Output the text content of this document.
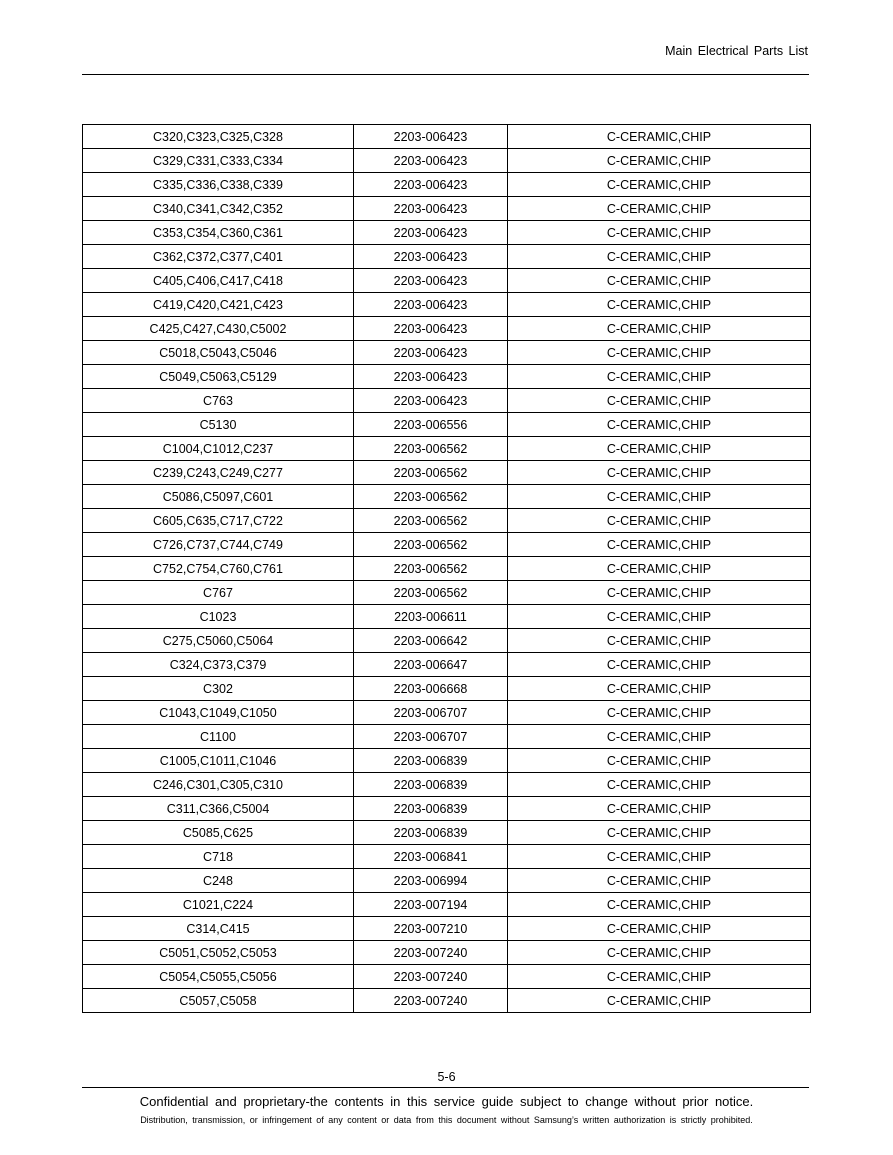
Main Electrical Parts List
C320,C323,C325,C328	2203-006423	C-CERAMIC,CHIP
C329,C331,C333,C334	2203-006423	C-CERAMIC,CHIP
C335,C336,C338,C339	2203-006423	C-CERAMIC,CHIP
C340,C341,C342,C352	2203-006423	C-CERAMIC,CHIP
C353,C354,C360,C361	2203-006423	C-CERAMIC,CHIP
C362,C372,C377,C401	2203-006423	C-CERAMIC,CHIP
C405,C406,C417,C418	2203-006423	C-CERAMIC,CHIP
C419,C420,C421,C423	2203-006423	C-CERAMIC,CHIP
C425,C427,C430,C5002	2203-006423	C-CERAMIC,CHIP
C5018,C5043,C5046	2203-006423	C-CERAMIC,CHIP
C5049,C5063,C5129	2203-006423	C-CERAMIC,CHIP
C763	2203-006423	C-CERAMIC,CHIP
C5130	2203-006556	C-CERAMIC,CHIP
C1004,C1012,C237	2203-006562	C-CERAMIC,CHIP
C239,C243,C249,C277	2203-006562	C-CERAMIC,CHIP
C5086,C5097,C601	2203-006562	C-CERAMIC,CHIP
C605,C635,C717,C722	2203-006562	C-CERAMIC,CHIP
C726,C737,C744,C749	2203-006562	C-CERAMIC,CHIP
C752,C754,C760,C761	2203-006562	C-CERAMIC,CHIP
C767	2203-006562	C-CERAMIC,CHIP
C1023	2203-006611	C-CERAMIC,CHIP
C275,C5060,C5064	2203-006642	C-CERAMIC,CHIP
C324,C373,C379	2203-006647	C-CERAMIC,CHIP
C302	2203-006668	C-CERAMIC,CHIP
C1043,C1049,C1050	2203-006707	C-CERAMIC,CHIP
C1100	2203-006707	C-CERAMIC,CHIP
C1005,C1011,C1046	2203-006839	C-CERAMIC,CHIP
C246,C301,C305,C310	2203-006839	C-CERAMIC,CHIP
C311,C366,C5004	2203-006839	C-CERAMIC,CHIP
C5085,C625	2203-006839	C-CERAMIC,CHIP
C718	2203-006841	C-CERAMIC,CHIP
C248	2203-006994	C-CERAMIC,CHIP
C1021,C224	2203-007194	C-CERAMIC,CHIP
C314,C415	2203-007210	C-CERAMIC,CHIP
C5051,C5052,C5053	2203-007240	C-CERAMIC,CHIP
C5054,C5055,C5056	2203-007240	C-CERAMIC,CHIP
C5057,C5058	2203-007240	C-CERAMIC,CHIP
5-6
Confidential and proprietary-the contents in this service guide subject to change without prior notice.
Distribution, transmission, or infringement of any content or data from this document without Samsung’s written authorization is strictly prohibited.
